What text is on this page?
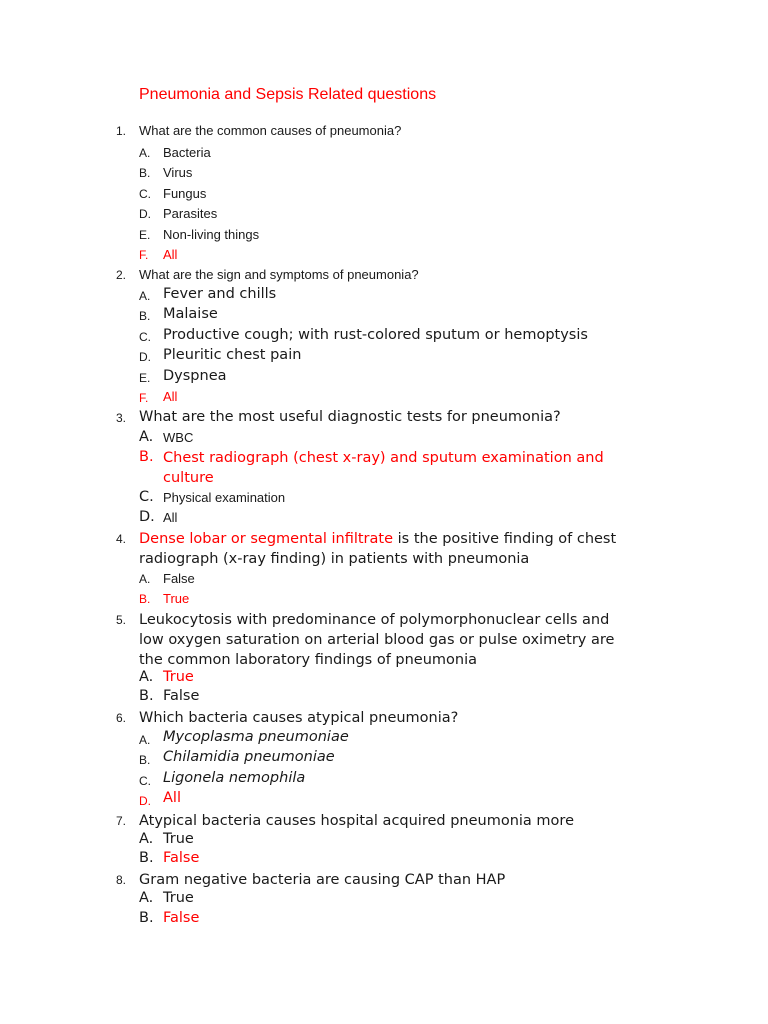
Pneumonia and Sepsis Related questions
1. What are the common causes of pneumonia?
A. Bacteria
B. Virus
C. Fungus
D. Parasites
E. Non-living things
F. All
2. What are the sign and symptoms of pneumonia?
A. Fever and chills
B. Malaise
C. Productive cough; with rust-colored sputum or hemoptysis
D. Pleuritic chest pain
E. Dyspnea
F. All
3. What are the most useful diagnostic tests for pneumonia?
A. WBC
B. Chest radiograph (chest x-ray) and sputum examination and
culture
C. Physical examination
D. All
4. Dense lobar or segmental infiltrate is the positive finding of chest
radiograph (x-ray finding) in patients with pneumonia
A. False
B. True
5. Leukocytosis with predominance of polymorphonuclear cells and
low oxygen saturation on arterial blood gas or pulse oximetry are
the common laboratory findings of pneumonia
A. True
B. False
6. Which bacteria causes atypical pneumonia?
A. Mycoplasma pneumoniae
B. Chilamidia pneumoniae
C. Ligonela nemophila
D. All
7. Atypical bacteria causes hospital acquired pneumonia more
A. True
B. False
8. Gram negative bacteria are causing CAP than HAP
A. True
B. False
